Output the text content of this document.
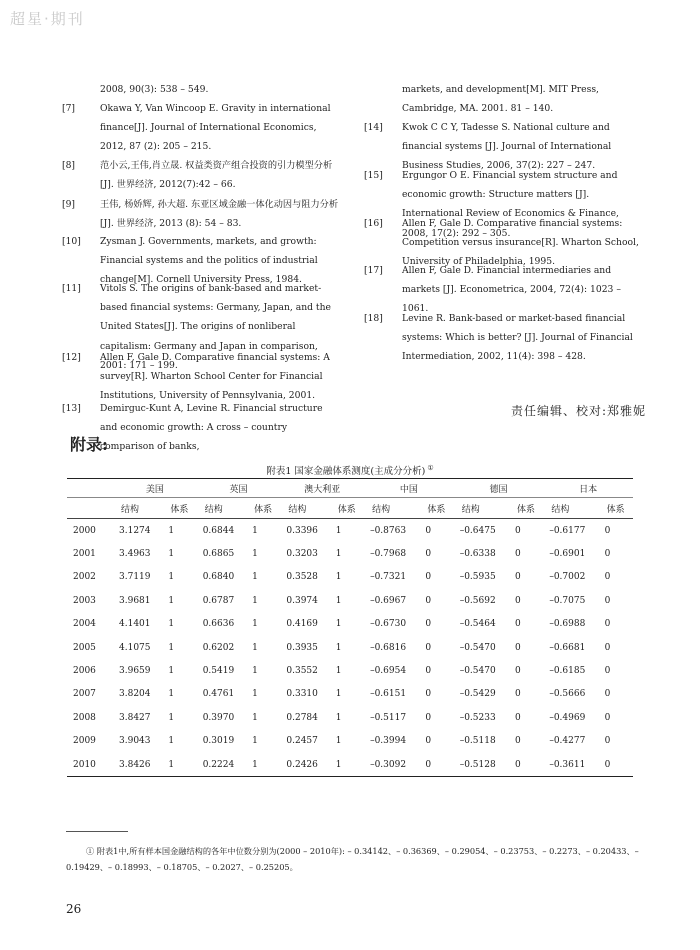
超星·期刊
2008, 90(3): 538 – 549.
[7]	Okawa Y, Van Wincoop E. Gravity in international finance[J]. Journal of International Economics, 2012, 87 (2): 205 – 215.
[8]	范小云,王伟,肖立晟. 权益类资产组合投资的引力模型分析[J]. 世界经济, 2012(7):42 – 66.
[9]	王伟, 杨娇辉, 孙大超. 东亚区域金融一体化动因与阻力分析[J]. 世界经济, 2013 (8): 54 – 83.
[10] Zysman J. Governments, markets, and growth: Financial systems and the politics of industrial change[M]. Cornell University Press, 1984.
[11] Vitols S. The origins of bank-based and market-based financial systems: Germany, Japan, and the United States[J]. The origins of nonliberal capitalism: Germany and Japan in comparison, 2001: 171 – 199.
[12] Allen F, Gale D. Comparative financial systems: A survey[R]. Wharton School Center for Financial Institutions, University of Pennsylvania, 2001.
[13] Demirguc-Kunt A, Levine R. Financial structure and economic growth: A cross – country comparison of banks,
markets, and development[M]. MIT Press, Cambridge, MA. 2001. 81 – 140.
[14] Kwok C C Y, Tadesse S. National culture and financial systems [J]. Journal of International Business Studies, 2006, 37(2): 227 – 247.
[15] Ergungor O E. Financial system structure and economic growth: Structure matters [J]. International Review of Economics & Finance, 2008, 17(2): 292 – 305.
[16] Allen F, Gale D. Comparative financial systems: Competition versus insurance[R]. Wharton School, University of Philadelphia, 1995.
[17] Allen F, Gale D. Financial intermediaries and markets [J]. Econometrica, 2004, 72(4): 1023 – 1061.
[18] Levine R. Bank-based or market-based financial systems: Which is better? [J]. Journal of Financial Intermediation, 2002, 11(4): 398 – 428.
责任编辑、校对:郑雅妮
附录:
附表1 国家金融体系测度(主成分分析) ①
	美国		英国		澳大利亚		中国		德国		日本	
	结构	体系	结构	体系	结构	体系	结构	体系	结构	体系	结构	体系
2000	3.1274	1	0.6844	1	0.3396	1	–0.8763	0	–0.6475	0	–0.6177	0
2001	3.4963	1	0.6865	1	0.3203	1	–0.7968	0	–0.6338	0	–0.6901	0
2002	3.7119	1	0.6840	1	0.3528	1	–0.7321	0	–0.5935	0	–0.7002	0
2003	3.9681	1	0.6787	1	0.3974	1	–0.6967	0	–0.5692	0	–0.7075	0
2004	4.1401	1	0.6636	1	0.4169	1	–0.6730	0	–0.5464	0	–0.6988	0
2005	4.1075	1	0.6202	1	0.3935	1	–0.6816	0	–0.5470	0	–0.6681	0
2006	3.9659	1	0.5419	1	0.3552	1	–0.6954	0	–0.5470	0	–0.6185	0
2007	3.8204	1	0.4761	1	0.3310	1	–0.6151	0	–0.5429	0	–0.5666	0
2008	3.8427	1	0.3970	1	0.2784	1	–0.5117	0	–0.5233	0	–0.4969	0
2009	3.9043	1	0.3019	1	0.2457	1	–0.3994	0	–0.5118	0	–0.4277	0
2010	3.8426	1	0.2224	1	0.2426	1	–0.3092	0	–0.5128	0	–0.3611	0
① 附表1中,所有样本国金融结构的各年中位数分别为(2000 – 2010年): – 0.34142、– 0.36369、– 0.29054、– 0.23753、– 0.2273、– 0.20433、– 0.19429、– 0.18993、– 0.18705、– 0.2027、– 0.25205。
26
